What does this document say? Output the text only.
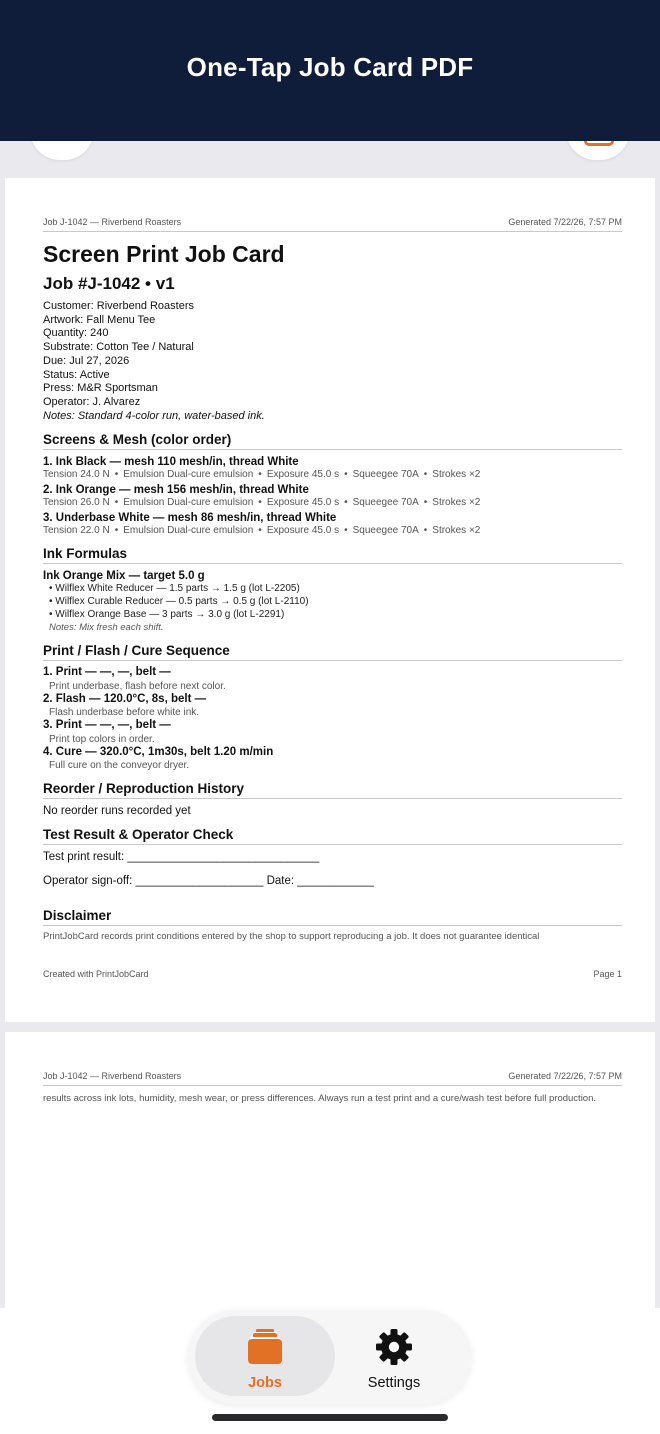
One-Tap Job Card PDF
Job J-1042 — Riverbend Roasters	Generated 7/22/26, 7:57 PM
Screen Print Job Card
Job #J-1042 • v1
Customer: Riverbend Roasters
Artwork: Fall Menu Tee
Quantity: 240
Substrate: Cotton Tee / Natural
Due: Jul 27, 2026
Status: Active
Press: M&R Sportsman
Operator: J. Alvarez
Notes: Standard 4-color run, water-based ink.
Screens & Mesh (color order)
1. Ink Black — mesh 110 mesh/in, thread White
Tension 24.0 N • Emulsion Dual-cure emulsion • Exposure 45.0 s • Squeegee 70A • Strokes ×2
2. Ink Orange — mesh 156 mesh/in, thread White
Tension 26.0 N • Emulsion Dual-cure emulsion • Exposure 45.0 s • Squeegee 70A • Strokes ×2
3. Underbase White — mesh 86 mesh/in, thread White
Tension 22.0 N • Emulsion Dual-cure emulsion • Exposure 45.0 s • Squeegee 70A • Strokes ×2
Ink Formulas
Ink Orange Mix — target 5.0 g
• Wilflex White Reducer — 1.5 parts → 1.5 g (lot L-2205)
• Wilflex Curable Reducer — 0.5 parts → 0.5 g (lot L-2110)
• Wilflex Orange Base — 3 parts → 3.0 g (lot L-2291)
Notes: Mix fresh each shift.
Print / Flash / Cure Sequence
1. Print — —, —, belt —
Print underbase, flash before next color.
2. Flash — 120.0°C, 8s, belt —
Flash underbase before white ink.
3. Print — —, —, belt —
Print top colors in order.
4. Cure — 320.0°C, 1m30s, belt 1.20 m/min
Full cure on the conveyor dryer.
Reorder / Reproduction History
No reorder runs recorded yet
Test Result & Operator Check
Test print result: ______________________________
Operator sign-off: ____________________ Date: ____________
Disclaimer
PrintJobCard records print conditions entered by the shop to support reproducing a job. It does not guarantee identical
Created with PrintJobCard	Page 1
Job J-1042 — Riverbend Roasters	Generated 7/22/26, 7:57 PM
results across ink lots, humidity, mesh wear, or press differences. Always run a test print and a cure/wash test before full production.
Jobs	Settings
